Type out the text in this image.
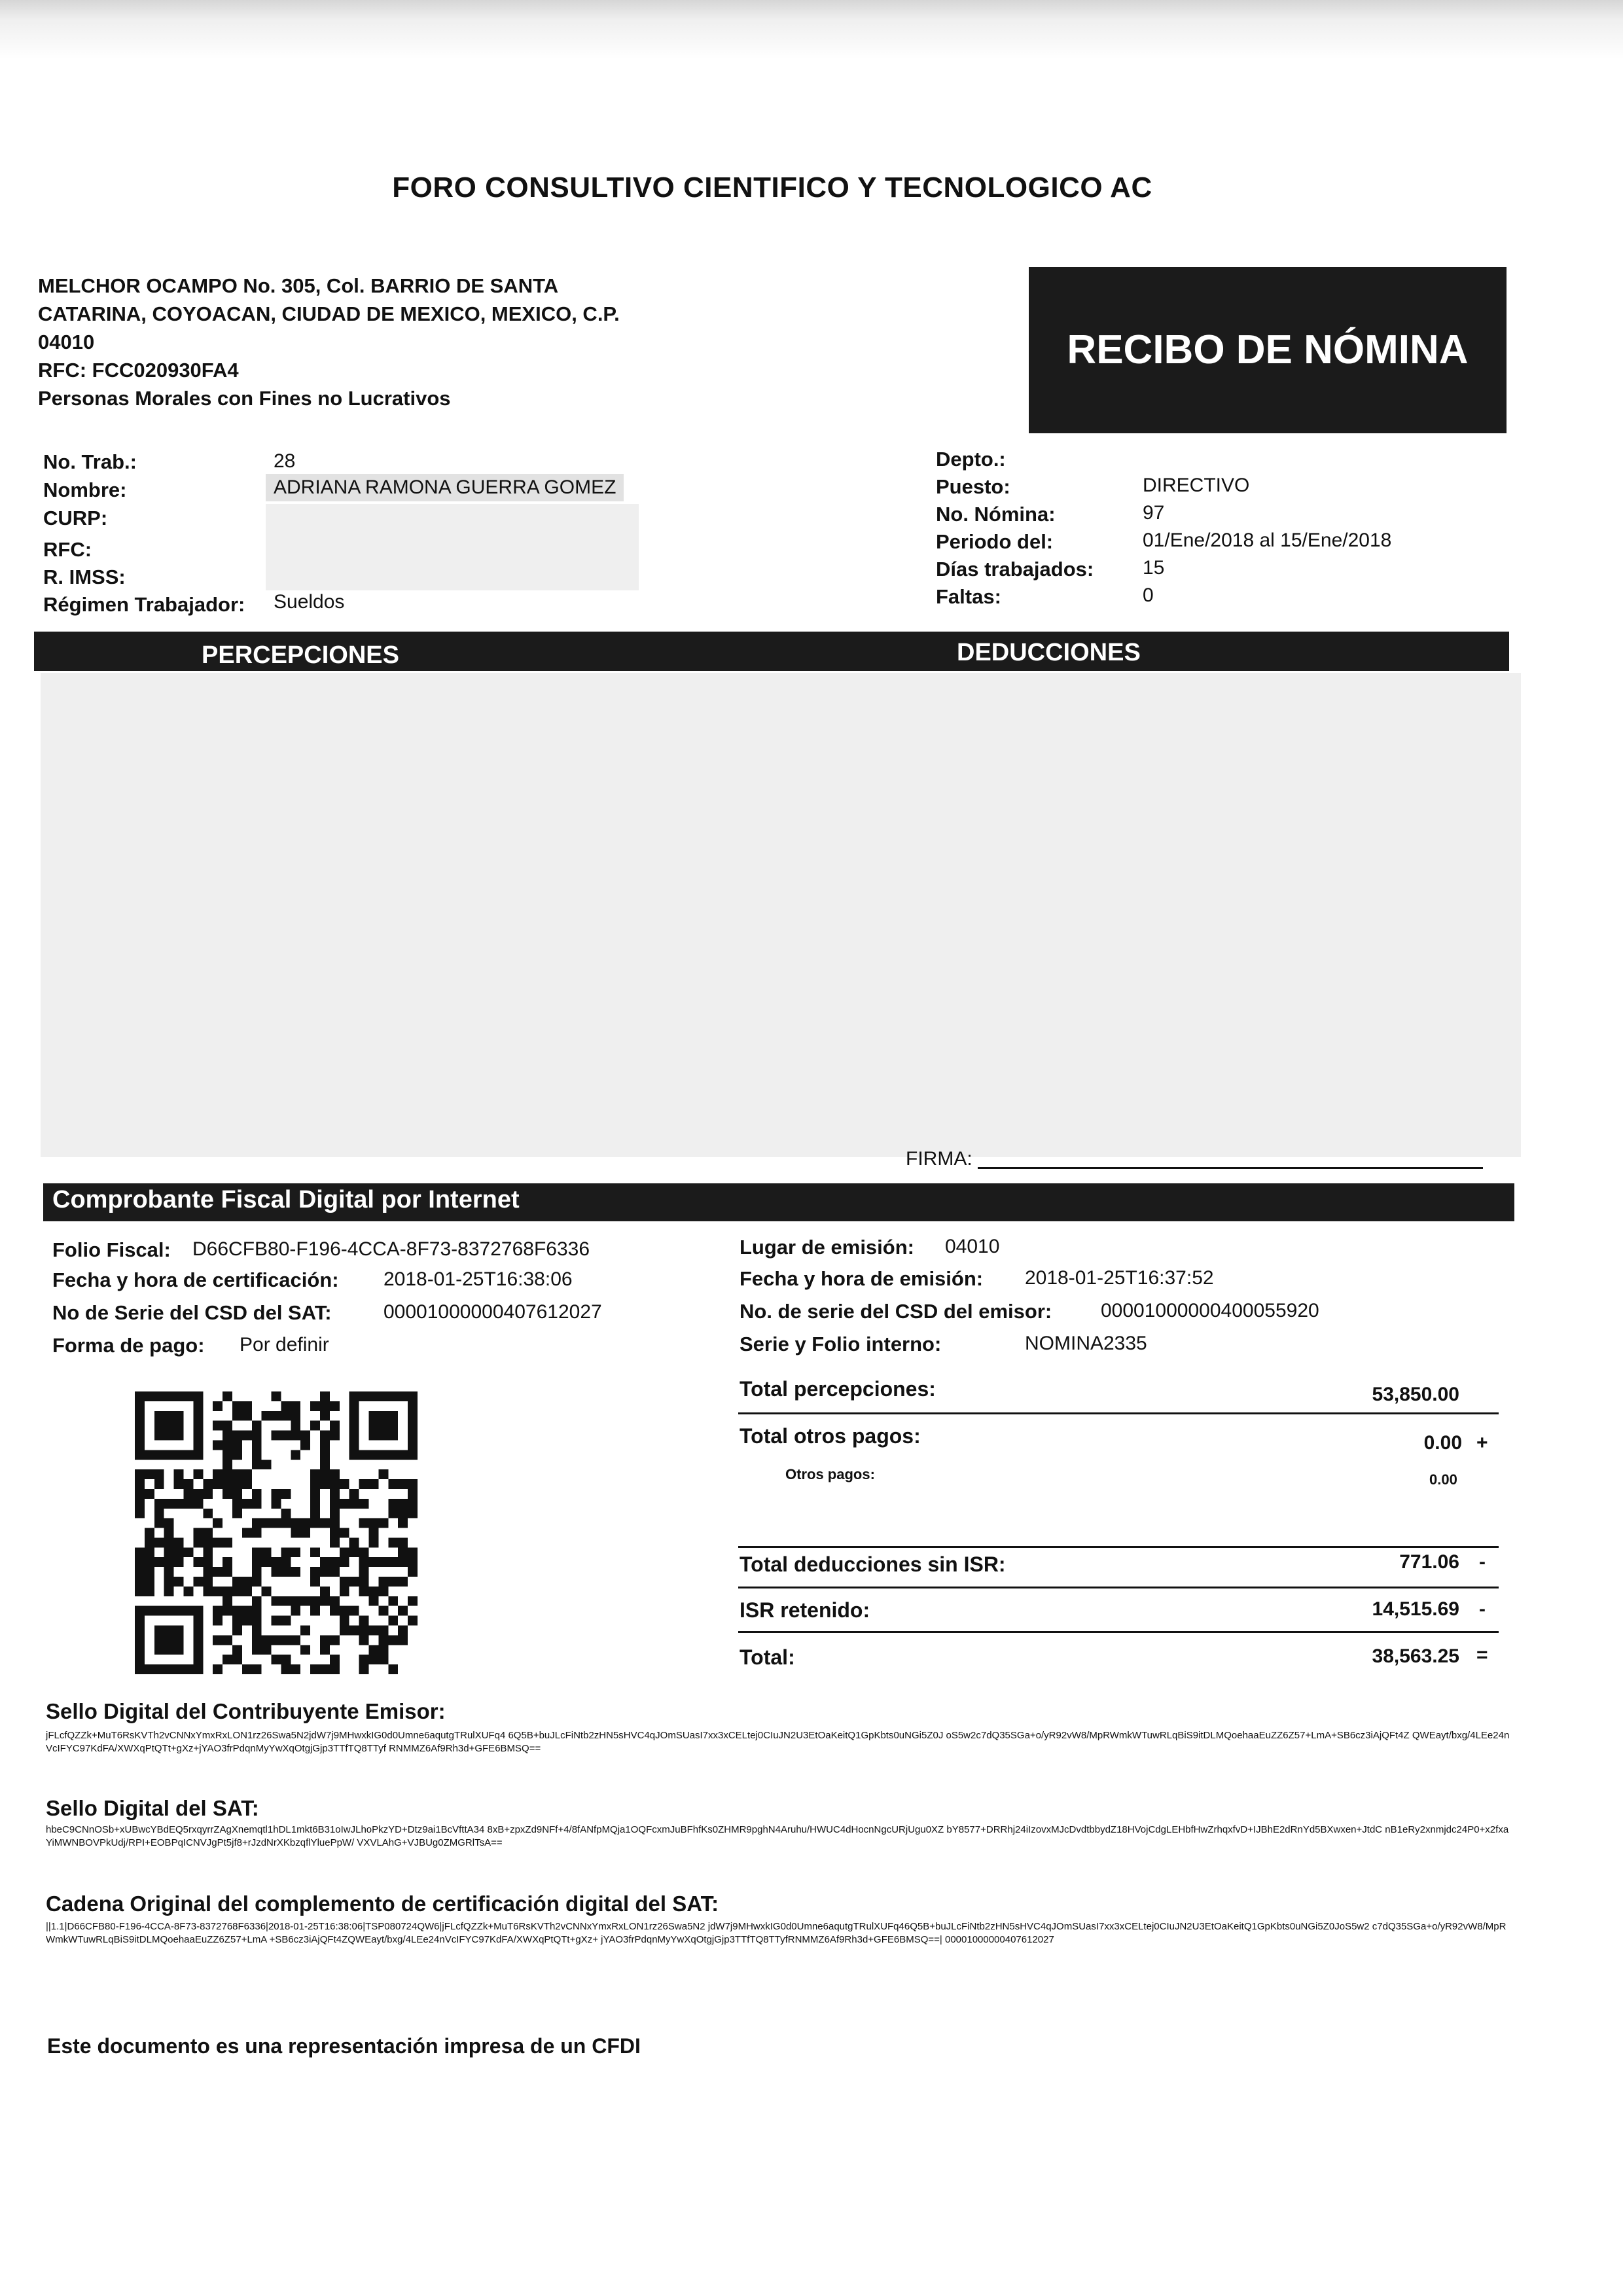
FORO CONSULTIVO CIENTIFICO Y TECNOLOGICO AC
MELCHOR OCAMPO No. 305, Col. BARRIO DE SANTA
CATARINA, COYOACAN, CIUDAD DE MEXICO, MEXICO, C.P.
04010
RFC: FCC020930FA4
Personas Morales con Fines no Lucrativos
RECIBO DE NÓMINA
No. Trab.:	28
Nombre:	ADRIANA RAMONA GUERRA GOMEZ
CURP:
RFC:
R. IMSS:
Régimen Trabajador: Sueldos
Depto.:
Puesto:	DIRECTIVO
No. Nómina:	97
Periodo del:	01/Ene/2018 al 15/Ene/2018
Días trabajados: 15
Faltas:	0
PERCEPCIONES	DEDUCCIONES
FIRMA:
Comprobante Fiscal Digital por Internet
Folio Fiscal: D66CFB80-F196-4CCA-8F73-8372768F6336
Fecha y hora de certificación: 2018-01-25T16:38:06
No de Serie del CSD del SAT:	00001000000407612027
Forma de pago: Por definir
Lugar de emisión: 04010
Fecha y hora de emisión: 2018-01-25T16:37:52
No. de serie del CSD del emisor: 00001000000400055920
Serie y Folio interno:	NOMINA2335
Total percepciones:	53,850.00
Total otros pagos:	0.00 +
Otros pagos:	0.00
Total deducciones sin ISR:	771.06 -
ISR retenido:	14,515.69 -
Total:	38,563.25 =
Sello Digital del Contribuyente Emisor:
jFLcfQZZk+MuT6RsKVTh2vCNNxYmxRxLON1rz26Swa5N2jdW7j9MHwxkIG0d0Umne6aqutgTRulXUFq4 6Q5B+buJLcFiNtb2zHN5sHVC4qJOmSUasI7xx3xCELtej0CIuJN2U3EtOaKeitQ1GpKbts0uNGi5Z0J oS5w2c7dQ35SGa+o/yR92vW8/MpRWmkWTuwRLqBiS9itDLMQoehaaEuZZ6Z57+LmA+SB6cz3iAjQFt4Z QWEayt/bxg/4LEe24nVcIFYC97KdFA/XWXqPtQTt+gXz+jYAO3frPdqnMyYwXqOtgjGjp3TTfTQ8TTyf RNMMZ6Af9Rh3d+GFE6BMSQ==
Sello Digital del SAT:
hbeC9CNnOSb+xUBwcYBdEQ5rxqyrrZAgXnemqtl1hDL1mkt6B31oIwJLhoPkzYD+Dtz9ai1BcVfttA34 8xB+zpxZd9NFf+4/8fANfpMQja1OQFcxmJuBFhfKs0ZHMR9pghN4Aruhu/HWUC4dHocnNgcURjUgu0XZ bY8577+DRRhj24iIzovxMJcDvdtbbydZ18HVojCdgLEHbfHwZrhqxfvD+IJBhE2dRnYd5BXwxen+JtdC nB1eRy2xnmjdc24P0+x2fxaYiMWNBOVPkUdj/RPI+EOBPqICNVJgPt5jf8+rJzdNrXKbzqflYluePpW/ VXVLAhG+VJBUg0ZMGRlTsA==
Cadena Original del complemento de certificación digital del SAT:
||1.1|D66CFB80-F196-4CCA-8F73-8372768F6336|2018-01-25T16:38:06|TSP080724QW6|jFLcfQZZk+MuT6RsKVTh2vCNNxYmxRxLON1rz26Swa5N2 jdW7j9MHwxkIG0d0Umne6aqutgTRulXUFq46Q5B+buJLcFiNtb2zHN5sHVC4qJOmSUasI7xx3xCELtej0CIuJN2U3EtOaKeitQ1GpKbts0uNGi5Z0JoS5w2 c7dQ35SGa+o/yR92vW8/MpRWmkWTuwRLqBiS9itDLMQoehaaEuZZ6Z57+LmA +SB6cz3iAjQFt4ZQWEayt/bxg/4LEe24nVcIFYC97KdFA/XWXqPtQTt+gXz+ jYAO3frPdqnMyYwXqOtgjGjp3TTfTQ8TTyfRNMMZ6Af9Rh3d+GFE6BMSQ==| 00001000000407612027
Este documento es una representación impresa de un CFDI
